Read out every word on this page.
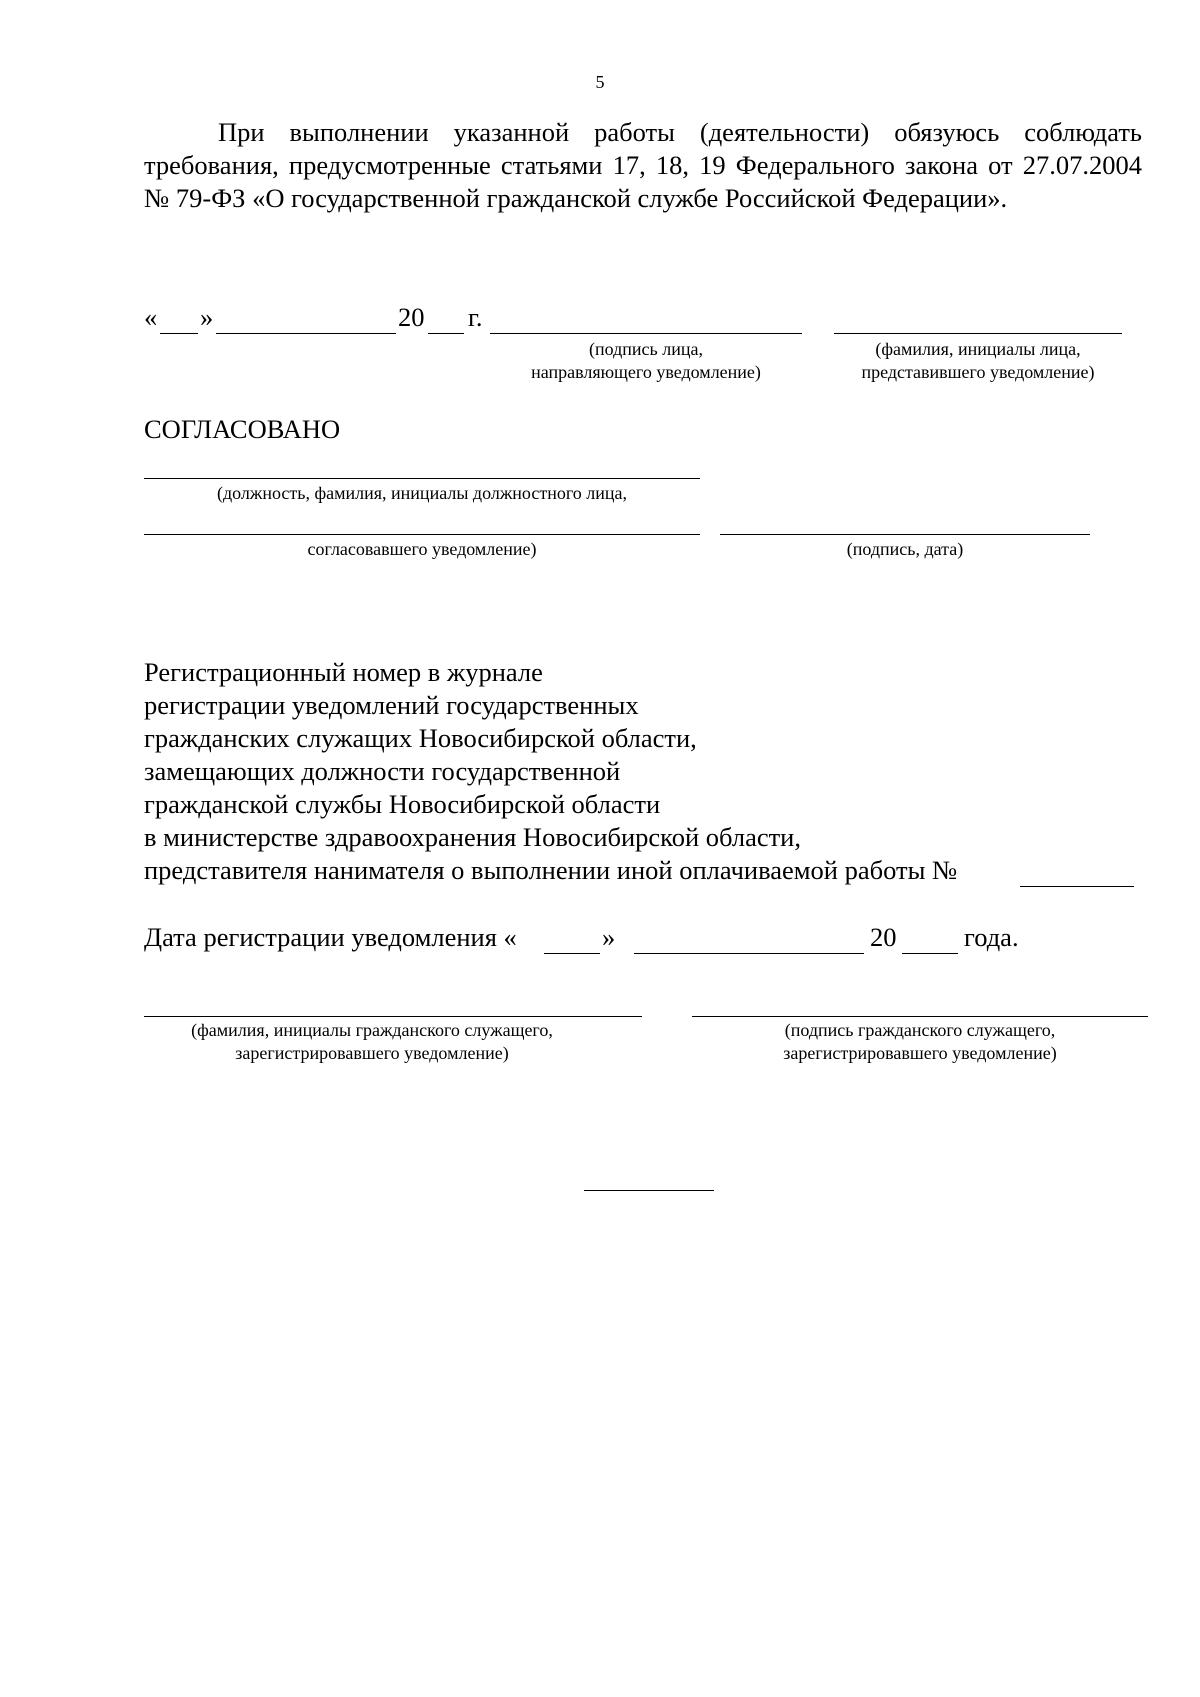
5
При выполнении указанной работы (деятельности) обязуюсь соблюдать требования, предусмотренные статьями 17, 18, 19 Федерального закона от 27.07.2004 № 79-ФЗ «О государственной гражданской службе Российской Федерации».
« »	20 г.
(подпись лица,
направляющего уведомление)
(фамилия, инициалы лица,
представившего уведомление)
СОГЛАСОВАНО
(должность, фамилия, инициалы должностного лица,
согласовавшего уведомление)	(подпись, дата)
Регистрационный номер в журнале
регистрации уведомлений государственных
гражданских служащих Новосибирской области,
замещающих должности государственной
гражданской службы Новосибирской области
в министерстве здравоохранения Новосибирской области,
представителя нанимателя о выполнении иной оплачиваемой работы №
Дата регистрации уведомления «	»	20	года.
(фамилия, инициалы гражданского служащего,
зарегистрировавшего уведомление)
(подпись гражданского служащего,
зарегистрировавшего уведомление)
